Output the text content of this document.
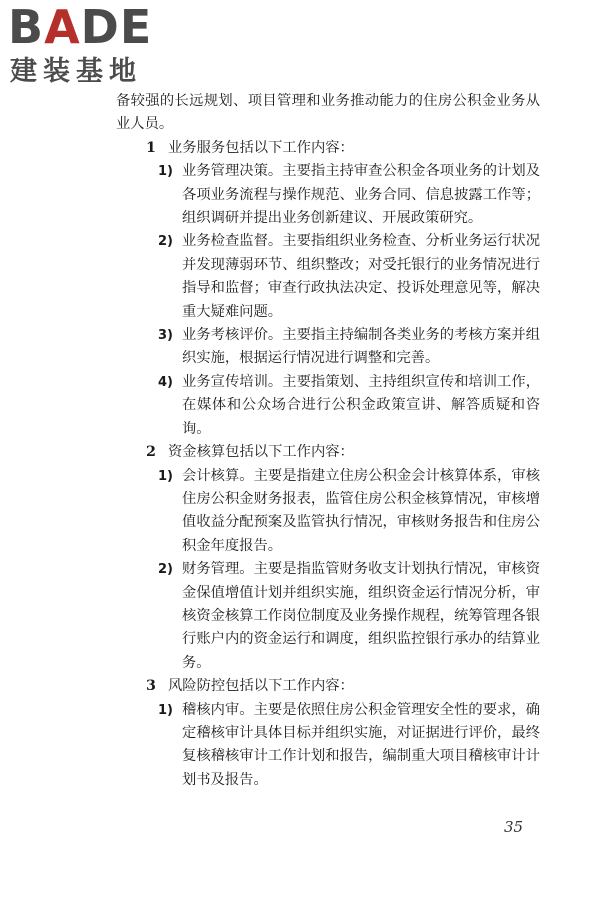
BADE
建装基地

备较强的长远规划、项目管理和业务推动能力的住房公积金业务从业人员。

1 业务服务包括以下工作内容：

1) 业务管理决策。主要指主持审查公积金各项业务的计划及各项业务流程与操作规范、业务合同、信息披露工作等；组织调研并提出业务创新建议、开展政策研究。

2) 业务检查监督。主要指组织业务检查、分析业务运行状况并发现薄弱环节、组织整改；对受托银行的业务情况进行指导和监督；审查行政执法决定、投诉处理意见等，解决重大疑难问题。

3) 业务考核评价。主要指主持编制各类业务的考核方案并组织实施，根据运行情况进行调整和完善。

4) 业务宣传培训。主要指策划、主持组织宣传和培训工作，在媒体和公众场合进行公积金政策宣讲、解答质疑和咨询。

2 资金核算包括以下工作内容：

1) 会计核算。主要是指建立住房公积金会计核算体系，审核住房公积金财务报表，监管住房公积金核算情况，审核增值收益分配预案及监管执行情况，审核财务报告和住房公积金年度报告。

2) 财务管理。主要是指监管财务收支计划执行情况，审核资金保值增值计划并组织实施，组织资金运行情况分析，审核资金核算工作岗位制度及业务操作规程，统筹管理各银行账户内的资金运行和调度，组织监控银行承办的结算业务。

3 风险防控包括以下工作内容：

1) 稽核内审。主要是依照住房公积金管理安全性的要求，确定稽核审计具体目标并组织实施，对证据进行评价，最终复核稽核审计工作计划和报告，编制重大项目稽核审计计划书及报告。

35
